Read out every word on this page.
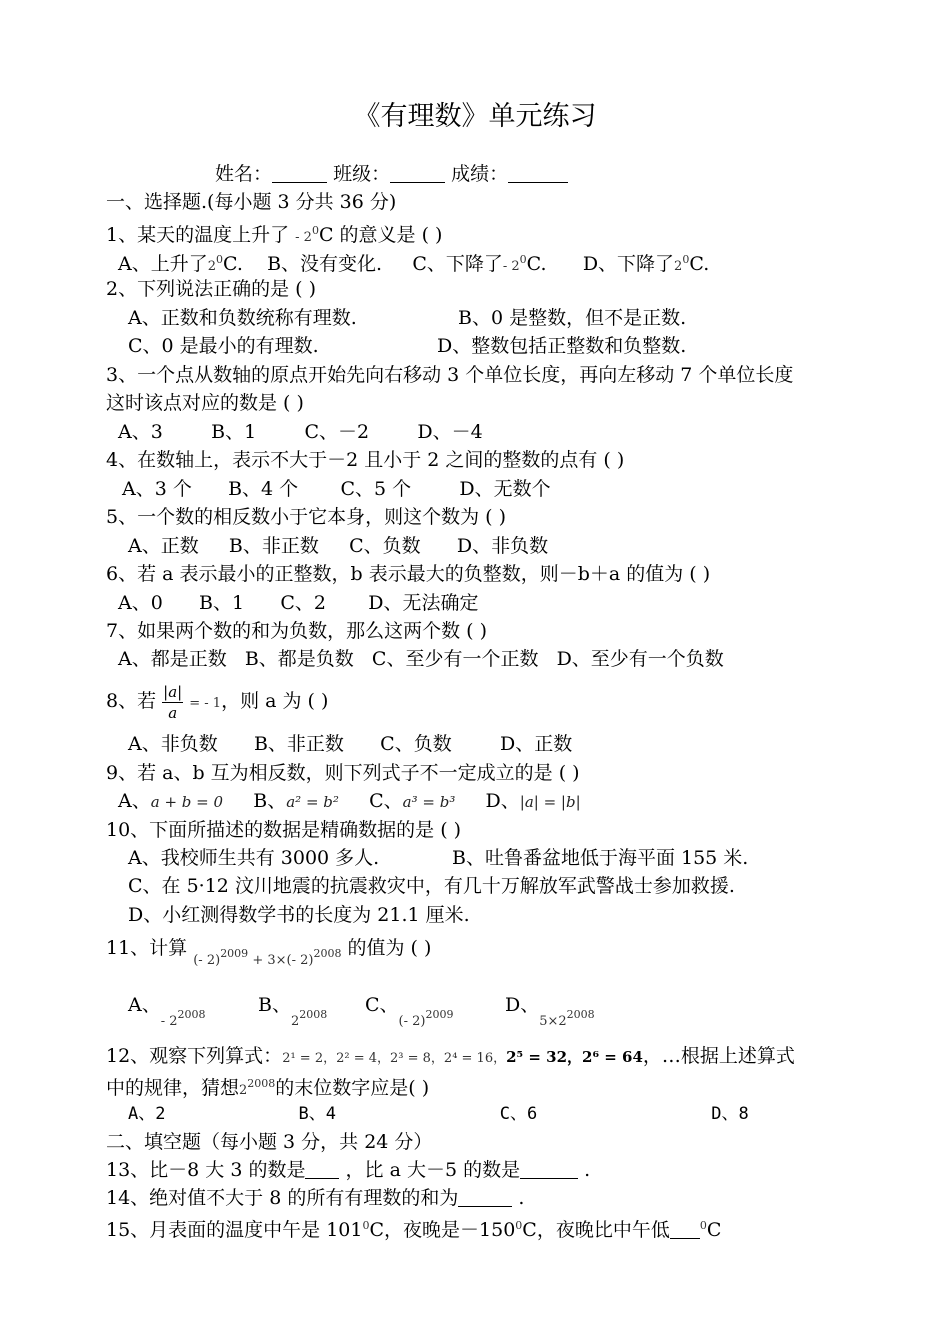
《有理数》单元练习
姓名：	班级：	成绩：
一、选择题.(每小题 3 分共 36 分)
1、某天的温度上升了 - $2^0C$ 的意义是 ( )
A、上升了$2^0C$. B、没有变化. C、下降了- $2^0C$. D、下降了$2^0C$.
2、下列说法正确的是 ( )
A、正数和负数统称有理数.	B、0 是整数，但不是正数.
C、0 是最小的有理数.	D、整数包括正整数和负整数.
3、一个点从数轴的原点开始先向右移动 3 个单位长度，再向左移动 7 个单位长度
这时该点对应的数是 ( )
A、3        B、1        C、－2        D、－4
4、在数轴上，表示不大于－2 且小于 2 之间的整数的点有 ( )
A、3 个      B、4 个       C、5 个        D、无数个
5、一个数的相反数小于它本身，则这个数为 ( )
A、正数     B、非正数     C、负数      D、非负数
6、若 a 表示最小的正整数，b 表示最大的负整数，则－b＋a 的值为 ( )
A、0      B、1      C、2       D、无法确定
7、如果两个数的和为负数，那么这两个数 ( )
A、都是正数   B、都是负数   C、至少有一个正数   D、至少有一个负数
8、若 $\frac{|a|}{a}$ = - 1，则 a 为 ( )
A、非负数      B、非正数      C、负数        D、正数
9、若 a、b 互为相反数，则下列式子不一定成立的是 ( )
A、a + b = 0 B、a² = b² C、a³ = b³ D、|a| = |b|
10、下面所描述的数据是精确数据的是 ( )
A、我校师生共有 3000 多人.	B、吐鲁番盆地低于海平面 155 米.
C、在 5·12 汶川地震的抗震救灾中，有几十万解放军武警战士参加救援.
D、小红测得数学书的长度为 21.1 厘米.
11、计算 $_{(- 2)^{2009} + 3\times(- 2)^{2008}}$ 的值为 ( )
A、$_{- 2^{2008}}$	B、$_{2^{2008}}$ C、$_{(- 2)^{2009}}$	D、$_{5\times 2^{2008}}$
12、观察下列算式：2¹ = 2，2² = 4，2³ = 8，2⁴ = 16，2⁵ = 32，2⁶ = 64，…根据上述算式
中的规律，猜想$2^{2008}$的末位数字应是( )
A、2             B、4                C、6                 D、8
二、填空题（每小题 3 分，共 24 分）
13、比－8 大 3 的数是 ，比 a 大－5 的数是	.
14、绝对值不大于 8 的所有有理数的和为	.
15、月表面的温度中午是 $101^0C$，夜晚是$-150^0C$，夜晚比中午低	$^0$C
